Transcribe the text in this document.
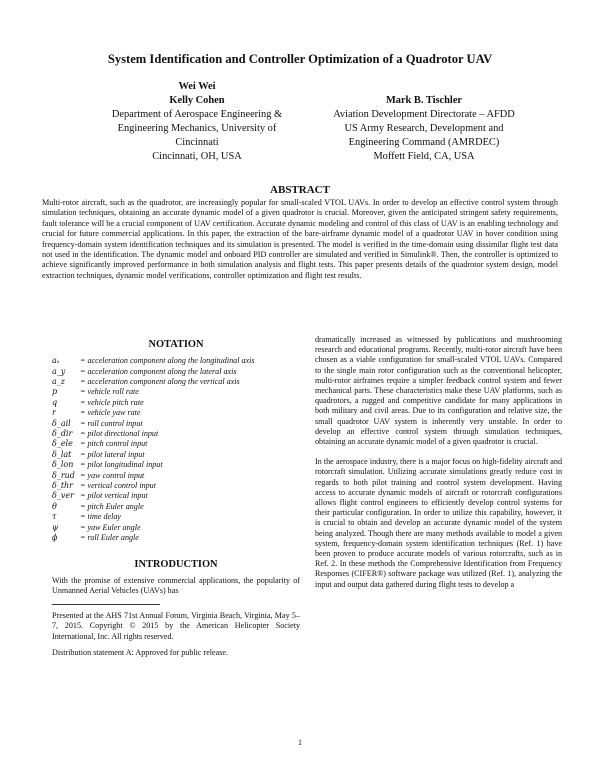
System Identification and Controller Optimization of a Quadrotor UAV
Wei Wei
Kelly Cohen
Department of Aerospace Engineering &
Engineering Mechanics, University of
Cincinnati
Cincinnati, OH, USA
Mark B. Tischler
Aviation Development Directorate – AFDD
US Army Research, Development and
Engineering Command (AMRDEC)
Moffett Field, CA, USA
ABSTRACT
Multi-rotor aircraft, such as the quadrotor, are increasingly popular for small-scaled VTOL UAVs. In order to develop an effective control system through simulation techniques, obtaining an accurate dynamic model of a given quadrotor is crucial. Moreover, given the anticipated stringent safety requirements, fault tolerance will be a crucial component of UAV certification. Accurate dynamic modeling and control of this class of UAV is an enabling technology and crucial for future commercial applications. In this paper, the extraction of the bare-airframe dynamic model of a quadrotor UAV in hover condition using frequency-domain system identification techniques and its simulation is presented. The model is verified in the time-domain using dissimilar flight test data not used in the identification. The dynamic model and onboard PID controller are simulated and verified in Simulink®. Then, the controller is optimized to achieve significantly improved performance in both simulation analysis and flight tests. This paper presents details of the quadrotor system design, model extraction techniques, dynamic model verifications, controller optimization and flight test results.
NOTATION
aₓ	= acceleration component along the longitudinal axis
a_y	= acceleration component along the lateral axis
a_z	= acceleration component along the vertical axis
p	= vehicle roll rate
q	= vehicle pitch rate
r	= vehicle yaw rate
δ_ail	= roll control input
δ_dir = pilot directional input
δ_ele = pitch control input
δ_lat	= pilot lateral input
δ_lon = pilot longitudinal input
δ_rud = yaw control input
δ_thr = vertical control input
δ_ver = pilot vertical input
θ	= pitch Euler angle
τ	= time delay
ψ	= yaw Euler angle
ϕ	= roll Euler angle
INTRODUCTION

With the promise of extensive commercial applications, the popularity of Unmanned Aerial Vehicles (UAVs) has

Presented at the AHS 71st Annual Forum, Virginia Beach, Virginia, May 5–7, 2015. Copyright © 2015 by the American Helicopter Society International, Inc. All rights reserved.

Distribution statement A: Approved for public release.

dramatically increased as witnessed by publications and mushrooming research and educational programs. Recently, multi-rotor aircraft have been chosen as a viable configuration for small-scaled VTOL UAVs. Compared to the single main rotor configuration such as the conventional helicopter, multi-rotor airframes require a simpler feedback control system and fewer mechanical parts. These characteristics make these UAV platforms, such as quadrotors, a rugged and competitive candidate for many applications in both military and civil areas. Due to its configuration and relative size, the small quadrotor UAV system is inherently very unstable. In order to develop an effective control system through simulation techniques, obtaining an accurate dynamic model of a given quadrotor is crucial.

In the aerospace industry, there is a major focus on high-fidelity aircraft and rotorcraft simulation. Utilizing accurate simulations greatly reduce cost in regards to both pilot training and control system development. Having access to accurate dynamic models of aircraft or rotorcraft configurations allows flight control engineers to efficiently develop control systems for their particular configuration. In order to utilize this capability, however, it is crucial to obtain and develop an accurate dynamic model of the system being analyzed. Though there are many methods available to model a given system, frequency-domain system identification techniques (Ref. 1) have been proven to produce accurate models of various rotorcrafts, such as in Ref. 2. In these methods the Comprehensive Identification from Frequency Responses (CIFER®) software package was utilized (Ref. 1), analyzing the input and output data gathered during flight tests to develop a

1
